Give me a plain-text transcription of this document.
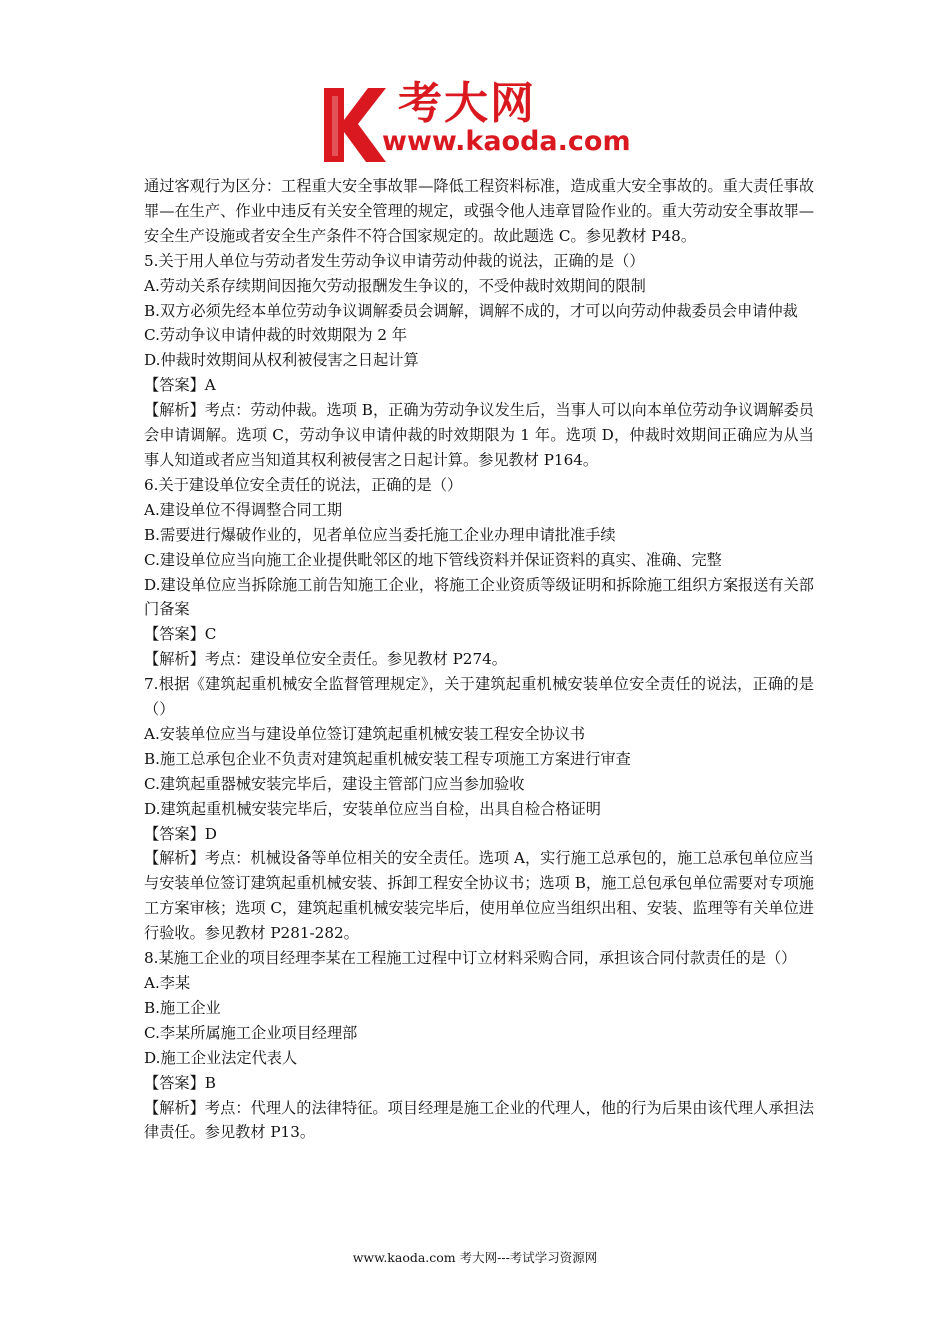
考大网
www.kaoda.com

通过客观行为区分：工程重大安全事故罪—降低工程资料标准，造成重大安全事故的。重大责任事故罪—在生产、作业中违反有关安全管理的规定，或强令他人违章冒险作业的。重大劳动安全事故罪—安全生产设施或者安全生产条件不符合国家规定的。故此题选 C。参见教材 P48。

5.关于用人单位与劳动者发生劳动争议申请劳动仲裁的说法，正确的是（）

A.劳动关系存续期间因拖欠劳动报酬发生争议的，不受仲裁时效期间的限制

B.双方必须先经本单位劳动争议调解委员会调解，调解不成的，才可以向劳动仲裁委员会申请仲裁

C.劳动争议申请仲裁的时效期限为 2 年

D.仲裁时效期间从权利被侵害之日起计算

【答案】A

【解析】考点：劳动仲裁。选项 B，正确为劳动争议发生后，当事人可以向本单位劳动争议调解委员会申请调解。选项 C，劳动争议申请仲裁的时效期限为 1 年。选项 D，仲裁时效期间正确应为从当事人知道或者应当知道其权利被侵害之日起计算。参见教材 P164。

6.关于建设单位安全责任的说法，正确的是（）

A.建设单位不得调整合同工期

B.需要进行爆破作业的，见者单位应当委托施工企业办理申请批准手续

C.建设单位应当向施工企业提供毗邻区的地下管线资料并保证资料的真实、准确、完整

D.建设单位应当拆除施工前告知施工企业，将施工企业资质等级证明和拆除施工组织方案报送有关部门备案

【答案】C

【解析】考点：建设单位安全责任。参见教材 P274。

7.根据《建筑起重机械安全监督管理规定》，关于建筑起重机械安装单位安全责任的说法，正确的是（）

A.安装单位应当与建设单位签订建筑起重机械安装工程安全协议书

B.施工总承包企业不负责对建筑起重机械安装工程专项施工方案进行审查

C.建筑起重器械安装完毕后，建设主管部门应当参加验收

D.建筑起重机械安装完毕后，安装单位应当自检，出具自检合格证明

【答案】D

【解析】考点：机械设备等单位相关的安全责任。选项 A，实行施工总承包的，施工总承包单位应当与安装单位签订建筑起重机械安装、拆卸工程安全协议书；选项 B，施工总包承包单位需要对专项施工方案审核；选项 C，建筑起重机械安装完毕后，使用单位应当组织出租、安装、监理等有关单位进行验收。参见教材 P281-282。

8.某施工企业的项目经理李某在工程施工过程中订立材料采购合同，承担该合同付款责任的是（）

A.李某

B.施工企业

C.李某所属施工企业项目经理部

D.施工企业法定代表人

【答案】B

【解析】考点：代理人的法律特征。项目经理是施工企业的代理人，他的行为后果由该代理人承担法律责任。参见教材 P13。

www.kaoda.com 考大网---考试学习资源网
